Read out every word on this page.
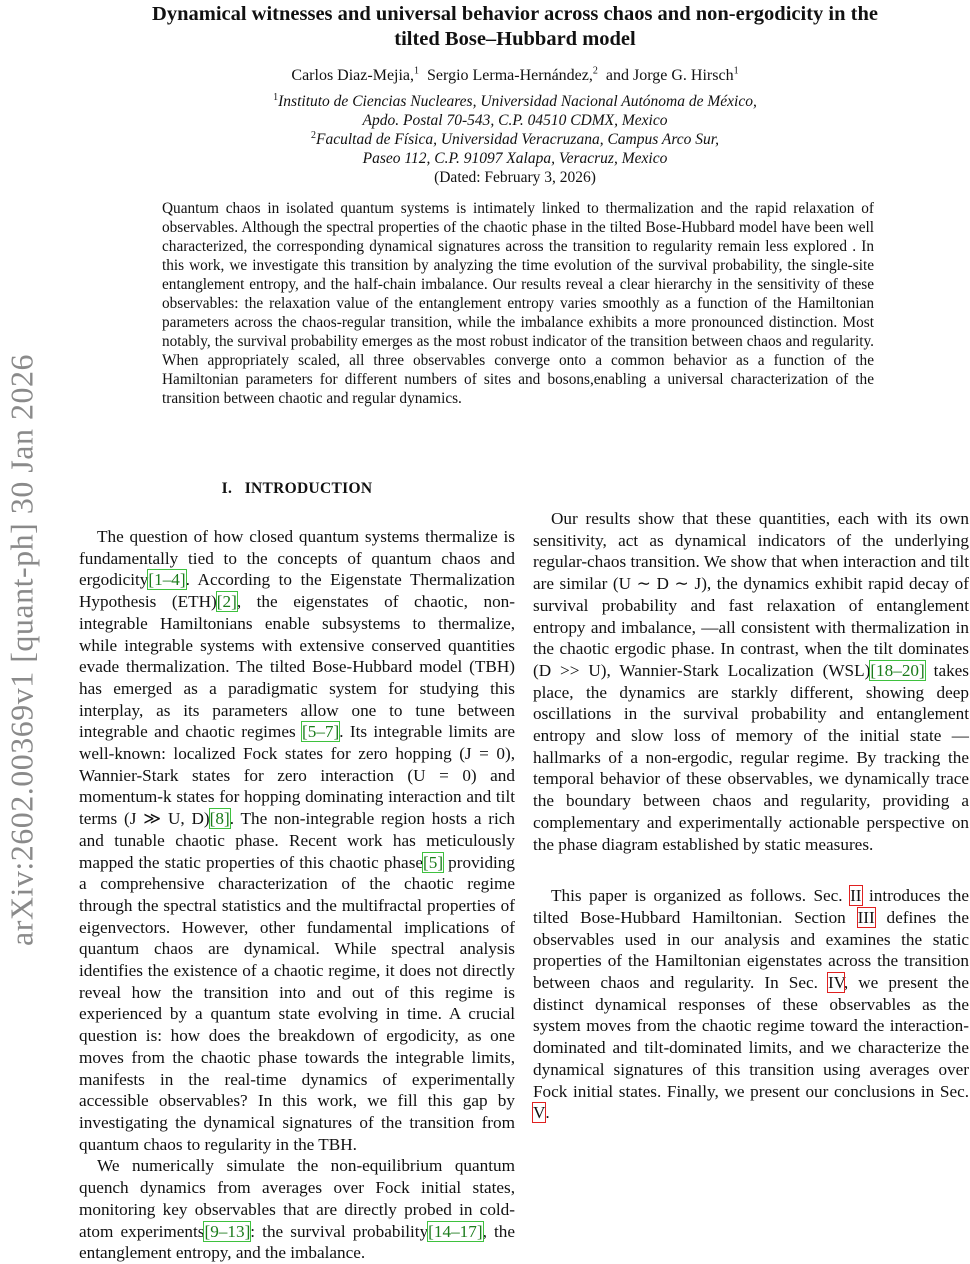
arXiv:2602.00369v1 [quant-ph] 30 Jan 2026
Dynamical witnesses and universal behavior across chaos and non-ergodicity in the
tilted Bose–Hubbard model
Carlos Diaz-Mejia,$^1$ Sergio Lerma-Hernández,$^2$ and Jorge G. Hirsch$^1$
$^1$Instituto de Ciencias Nucleares, Universidad Nacional Autónoma de México,
Apdo. Postal 70-543, C.P. 04510 CDMX, Mexico
$^2$Facultad de Física, Universidad Veracruzana, Campus Arco Sur,
Paseo 112, C.P. 91097 Xalapa, Veracruz, Mexico
(Dated: February 3, 2026)

Quantum chaos in isolated quantum systems is intimately linked to thermalization and the rapid relaxation of observables. Although the spectral properties of the chaotic phase in the tilted Bose-Hubbard model have been well characterized, the corresponding dynamical signatures across the transition to regularity remain less explored . In this work, we investigate this transition by analyzing the time evolution of the survival probability, the single-site entanglement entropy, and the half-chain imbalance. Our results reveal a clear hierarchy in the sensitivity of these observables: the relaxation value of the entanglement entropy varies smoothly as a function of the Hamiltonian parameters across the chaos-regular transition, while the imbalance exhibits a more pronounced distinction. Most notably, the survival probability emerges as the most robust indicator of the transition between chaos and regularity. When appropriately scaled, all three observables converge onto a common behavior as a function of the Hamiltonian parameters for different numbers of sites and bosons,enabling a universal characterization of the transition between chaotic and regular dynamics.

I. INTRODUCTION

The question of how closed quantum systems thermalize is fundamentally tied to the concepts of quantum chaos and ergodicity[1–4]. According to the Eigenstate Thermalization Hypothesis (ETH)[2], the eigenstates of chaotic, non-integrable Hamiltonians enable subsystems to thermalize, while integrable systems with extensive conserved quantities evade thermalization. The tilted Bose-Hubbard model (TBH) has emerged as a paradigmatic system for studying this interplay, as its parameters allow one to tune between integrable and chaotic regimes [5–7]. Its integrable limits are well-known: localized Fock states for zero hopping (J = 0), Wannier-Stark states for zero interaction (U = 0) and momentum-k states for hopping dominating interaction and tilt terms (J ≫ U, D)[8]. The non-integrable region hosts a rich and tunable chaotic phase. Recent work has meticulously mapped the static properties of this chaotic phase[5] providing a comprehensive characterization of the chaotic regime through the spectral statistics and the multifractal properties of eigenvectors. However, other fundamental implications of quantum chaos are dynamical. While spectral analysis identifies the existence of a chaotic regime, it does not directly reveal how the transition into and out of this regime is experienced by a quantum state evolving in time. A crucial question is: how does the breakdown of ergodicity, as one moves from the chaotic phase towards the integrable limits, manifests in the real-time dynamics of experimentally accessible observables? In this work, we fill this gap by investigating the dynamical signatures of the transition from quantum chaos to regularity in the TBH.

We numerically simulate the non-equilibrium quantum quench dynamics from averages over Fock initial states, monitoring key observables that are directly probed in cold-atom experiments[9–13]: the survival probability[14–17], the entanglement entropy, and the imbalance.

Our results show that these quantities, each with its own sensitivity, act as dynamical indicators of the underlying regular-chaos transition. We show that when interaction and tilt are similar (U ∼ D ∼ J), the dynamics exhibit rapid decay of survival probability and fast relaxation of entanglement entropy and imbalance, —all consistent with thermalization in the chaotic ergodic phase. In contrast, when the tilt dominates (D >> U), Wannier-Stark Localization (WSL)[18–20] takes place, the dynamics are starkly different, showing deep oscillations in the survival probability and entanglement entropy and slow loss of memory of the initial state —hallmarks of a non-ergodic, regular regime. By tracking the temporal behavior of these observables, we dynamically trace the boundary between chaos and regularity, providing a complementary and experimentally actionable perspective on the phase diagram established by static measures.

This paper is organized as follows. Sec. II introduces the tilted Bose-Hubbard Hamiltonian. Section III defines the observables used in our analysis and examines the static properties of the Hamiltonian eigenstates across the transition between chaos and regularity. In Sec. IV, we present the distinct dynamical responses of these observables as the system moves from the chaotic regime toward the interaction-dominated and tilt-dominated limits, and we characterize the dynamical signatures of this transition using averages over Fock initial states. Finally, we present our conclusions in Sec. V.
